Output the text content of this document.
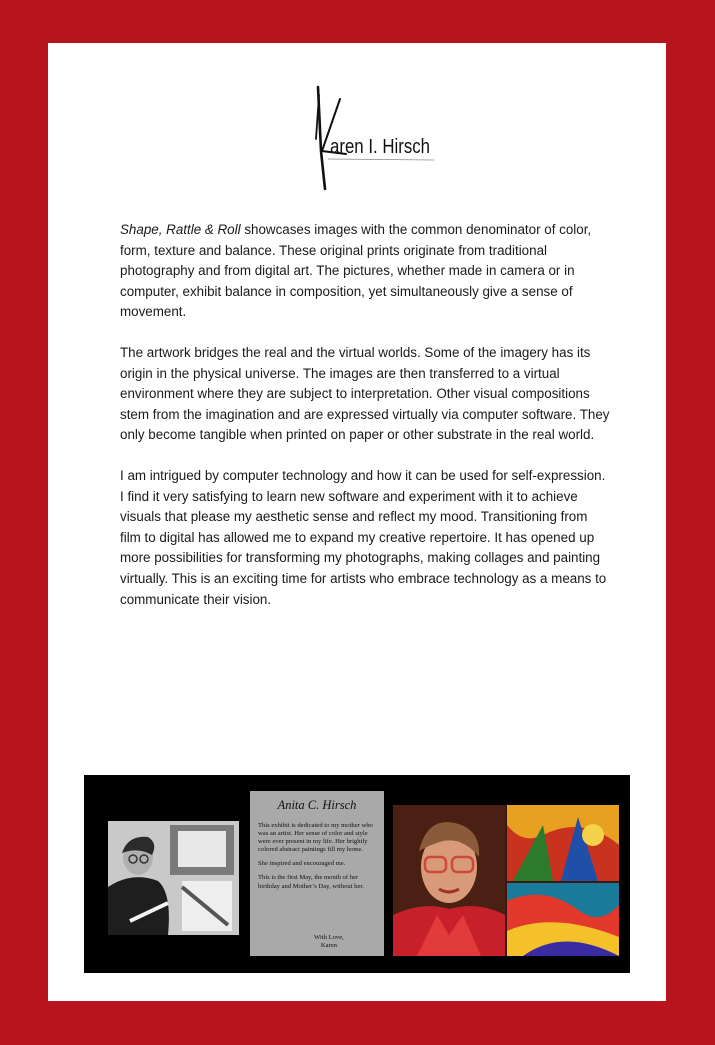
aren I. Hirsch

Shape, Rattle & Roll showcases images with the common denominator of color, form, texture and balance. These original prints originate from traditional photography and from digital art. The pictures, whether made in camera or in computer, exhibit balance in composition, yet simultaneously give a sense of movement.

The artwork bridges the real and the virtual worlds. Some of the imagery has its origin in the physical universe. The images are then transferred to a virtual environment where they are subject to interpretation. Other visual compositions stem from the imagination and are expressed virtually via computer software. They only become tangible when printed on paper or other substrate in the real world.

I am intrigued by computer technology and how it can be used for self-expression. I find it very satisfying to learn new software and experiment with it to achieve visuals that please my aesthetic sense and reflect my mood. Transitioning from film to digital has allowed me to expand my creative repertoire. It has opened up more possibilities for transforming my photographs, making collages and painting virtually. This is an exciting time for artists who embrace technology as a means to communicate their vision.

Anita C. Hirsch

This exhibit is dedicated to my mother who was an artist. Her sense of color and style were ever present in my life. Her brightly colored abstract paintings fill my home.

She inspired and encouraged me.

This is the first May, the month of her birthday and Mother’s Day, without her.

With Love,
Karen
